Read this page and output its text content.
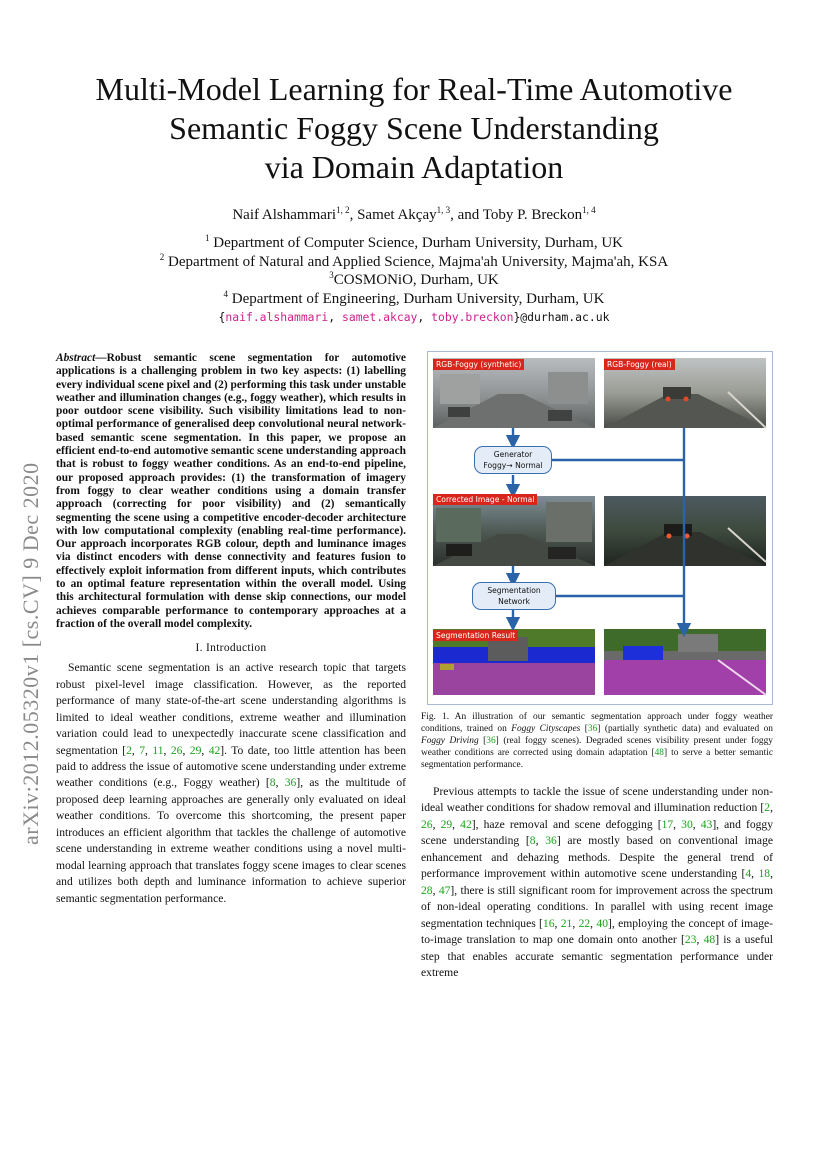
Multi-Model Learning for Real-Time Automotive
Semantic Foggy Scene Understanding
via Domain Adaptation
Naif Alshammari$^{1, 2}$, Samet Akçay$^{1, 3}$, and Toby P. Breckon$^{1, 4}$
$^1$ Department of Computer Science, Durham University, Durham, UK
$^2$ Department of Natural and Applied Science, Majma'ah University, Majma'ah, KSA
$^3$COSMONiO, Durham, UK
$^4$ Department of Engineering, Durham University, Durham, UK
{naif.alshammari, samet.akcay, toby.breckon}@durham.ac.uk
arXiv:2012.05320v1 [cs.CV] 9 Dec 2020

Abstract—Robust semantic scene segmentation for automotive applications is a challenging problem in two key aspects: (1) labelling every individual scene pixel and (2) performing this task under unstable weather and illumination changes (e.g., foggy weather), which results in poor outdoor scene visibility. Such visibility limitations lead to non-optimal performance of generalised deep convolutional neural network-based semantic scene segmentation. In this paper, we propose an efficient end-to-end automotive semantic scene understanding approach that is robust to foggy weather conditions. As an end-to-end pipeline, our proposed approach provides: (1) the transformation of imagery from foggy to clear weather conditions using a domain transfer approach (correcting for poor visibility) and (2) semantically segmenting the scene using a competitive encoder-decoder architecture with low computational complexity (enabling real-time performance). Our approach incorporates RGB colour, depth and luminance images via distinct encoders with dense connectivity and features fusion to effectively exploit information from different inputs, which contributes to an optimal feature representation within the overall model. Using this architectural formulation with dense skip connections, our model achieves comparable performance to contemporary approaches at a fraction of the overall model complexity.

I. Introduction

Semantic scene segmentation is an active research topic that targets robust pixel-level image classification. However, as the reported performance of many state-of-the-art scene understanding algorithms is limited to ideal weather conditions, extreme weather and illumination variation could lead to unexpectedly inaccurate scene classification and segmentation [2, 7, 11, 26, 29, 42]. To date, too little attention has been paid to address the issue of automotive scene understanding under extreme weather conditions (e.g., Foggy weather) [8, 36], as the multitude of proposed deep learning approaches are generally only evaluated on ideal weather conditions. To overcome this shortcoming, the present paper introduces an efficient algorithm that tackles the challenge of automotive scene understanding in extreme weather conditions using a novel multi-modal learning approach that translates foggy scene images to clear scenes and utilizes both depth and luminance information to achieve superior semantic segmentation performance.

RGB-Foggy (synthetic)	RGB-Foggy (real)
Corrected Image - Normal
Segmentation Result
Generator
Foggy→ Normal
Segmentation
Network
Fig. 1. An illustration of our semantic segmentation approach under foggy weather conditions, trained on Foggy Cityscapes [36] (partially synthetic data) and evaluated on Foggy Driving [36] (real foggy scenes). Degraded scenes visibility present under foggy weather conditions are corrected using domain adaptation [48] to serve a better semantic segmentation performance.

Previous attempts to tackle the issue of scene understanding under non-ideal weather conditions for shadow removal and illumination reduction [2, 26, 29, 42], haze removal and scene defogging [17, 30, 43], and foggy scene understanding [8, 36] are mostly based on conventional image enhancement and dehazing methods. Despite the general trend of performance improvement within automotive scene understanding [4, 18, 28, 47], there is still significant room for improvement across the spectrum of non-ideal operating conditions. In parallel with using recent image segmentation techniques [16, 21, 22, 40], employing the concept of image-to-image translation to map one domain onto another [23, 48] is a useful step that enables accurate semantic segmentation performance under extreme
